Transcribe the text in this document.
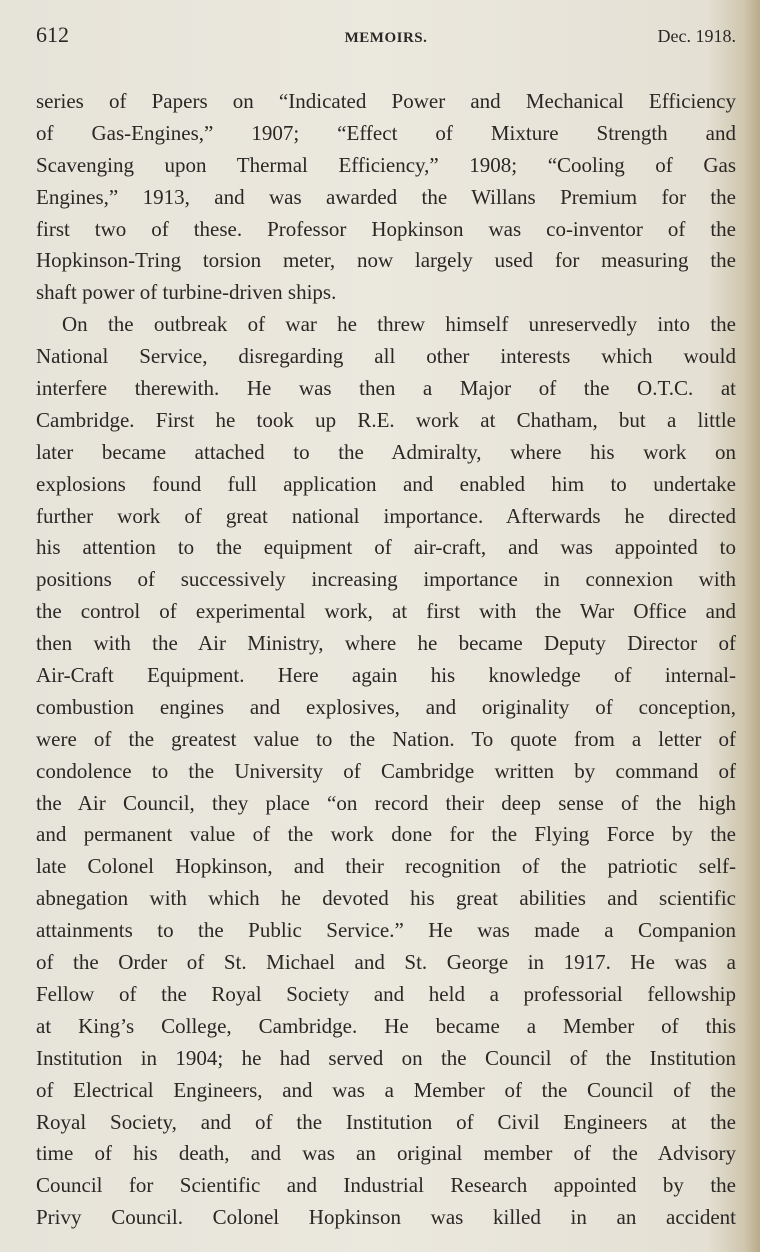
612	MEMOIRS.	Dec. 1918.
series of Papers on “Indicated Power and Mechanical Efficiency
of Gas-Engines,” 1907; “Effect of Mixture Strength and
Scavenging upon Thermal Efficiency,” 1908; “Cooling of Gas
Engines,” 1913, and was awarded the Willans Premium for the
first two of these. Professor Hopkinson was co-inventor of the
Hopkinson-Tring torsion meter, now largely used for measuring the
shaft power of turbine-driven ships.
On the outbreak of war he threw himself unreservedly into the
National Service, disregarding all other interests which would
interfere therewith. He was then a Major of the O.T.C. at
Cambridge. First he took up R.E. work at Chatham, but a little
later became attached to the Admiralty, where his work on
explosions found full application and enabled him to undertake
further work of great national importance. Afterwards he directed
his attention to the equipment of air-craft, and was appointed to
positions of successively increasing importance in connexion with
the control of experimental work, at first with the War Office and
then with the Air Ministry, where he became Deputy Director of
Air-Craft Equipment. Here again his knowledge of internal-
combustion engines and explosives, and originality of conception,
were of the greatest value to the Nation. To quote from a letter of
condolence to the University of Cambridge written by command of
the Air Council, they place “on record their deep sense of the high
and permanent value of the work done for the Flying Force by the
late Colonel Hopkinson, and their recognition of the patriotic self-
abnegation with which he devoted his great abilities and scientific
attainments to the Public Service.” He was made a Companion
of the Order of St. Michael and St. George in 1917. He was a
Fellow of the Royal Society and held a professorial fellowship
at King’s College, Cambridge. He became a Member of this
Institution in 1904; he had served on the Council of the Institution
of Electrical Engineers, and was a Member of the Council of the
Royal Society, and of the Institution of Civil Engineers at the
time of his death, and was an original member of the Advisory
Council for Scientific and Industrial Research appointed by the
Privy Council. Colonel Hopkinson was killed in an accident
